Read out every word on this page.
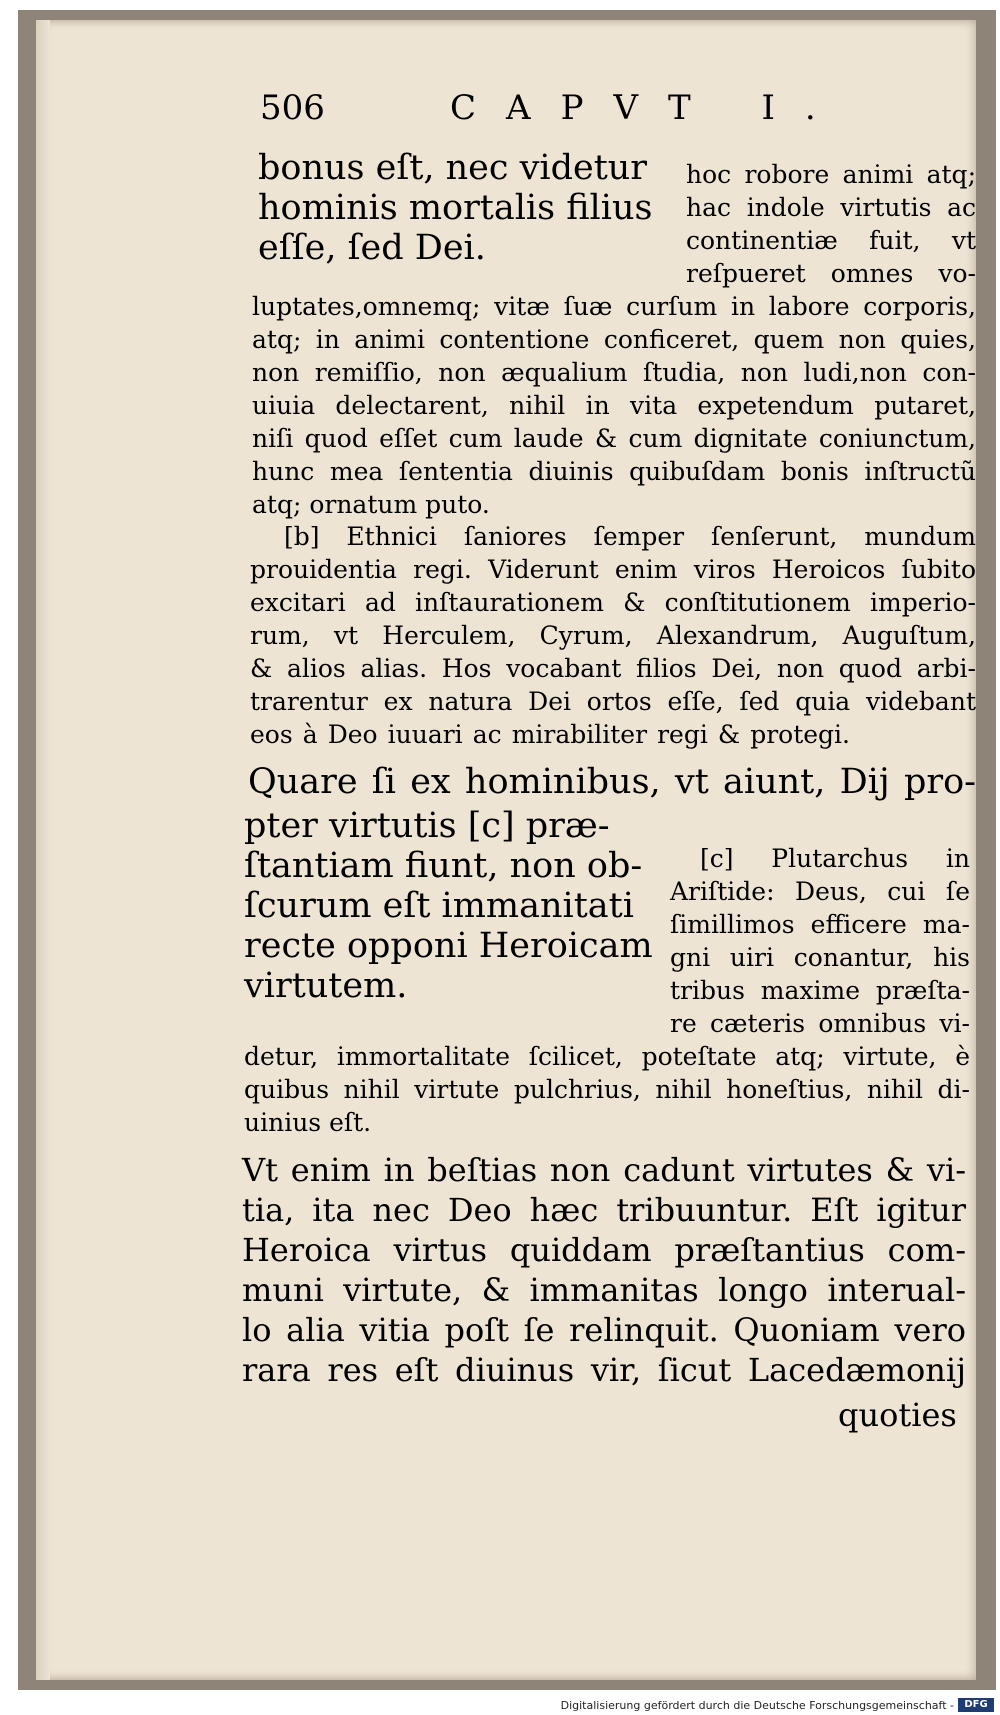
506	CAPVT I.
bonus eſt, nec videtur
hominis mortalis filius
eſſe, ſed Dei.
hoc robore animi atq;
hac indole virtutis ac
continentiæ fuit, vt
reſpueret omnes vo-
luptates,omnemq; vitæ ſuæ curſum in labore corporis,
atq; in animi contentione conficeret, quem non quies,
non remiſſio, non æqualium ſtudia, non ludi,non con-
uiuia delectarent, nihil in vita expetendum putaret,
niſi quod eſſet cum laude & cum dignitate coniunctum,
hunc mea ſententia diuinis quibuſdam bonis inſtructũ
atq; ornatum puto.
[b] Ethnici ſaniores ſemper ſenſerunt, mundum
prouidentia regi. Viderunt enim viros Heroicos ſubito
excitari ad inſtaurationem & conſtitutionem imperio-
rum, vt Herculem, Cyrum, Alexandrum, Auguſtum,
& alios alias. Hos vocabant filios Dei, non quod arbi-
trarentur ex natura Dei ortos eſſe, ſed quia videbant
eos à Deo iuuari ac mirabiliter regi & protegi.
Quare ſi ex hominibus, vt aiunt, Dij pro-
pter virtutis [c] præ-
ſtantiam fiunt, non ob-
ſcurum eſt immanitati
recte opponi Heroicam
virtutem.
[c] Plutarchus in
Ariſtide: Deus, cui ſe
ſimillimos efficere ma-
gni uiri conantur, his
tribus maxime præſta-
re cæteris omnibus vi-
detur, immortalitate ſcilicet, poteſtate atq; virtute, è
quibus nihil virtute pulchrius, nihil honeſtius, nihil di-
uinius eſt.
Vt enim in beſtias non cadunt virtutes & vi-
tia, ita nec Deo hæc tribuuntur. Eſt igitur
Heroica virtus quiddam præſtantius com-
muni virtute, & immanitas longo interual-
lo alia vitia poſt ſe relinquit. Quoniam vero
rara res eſt diuinus vir, ſicut Lacedæmonij
quoties
Digitalisierung gefördert durch die Deutsche Forschungsgemeinschaft -	DFG
